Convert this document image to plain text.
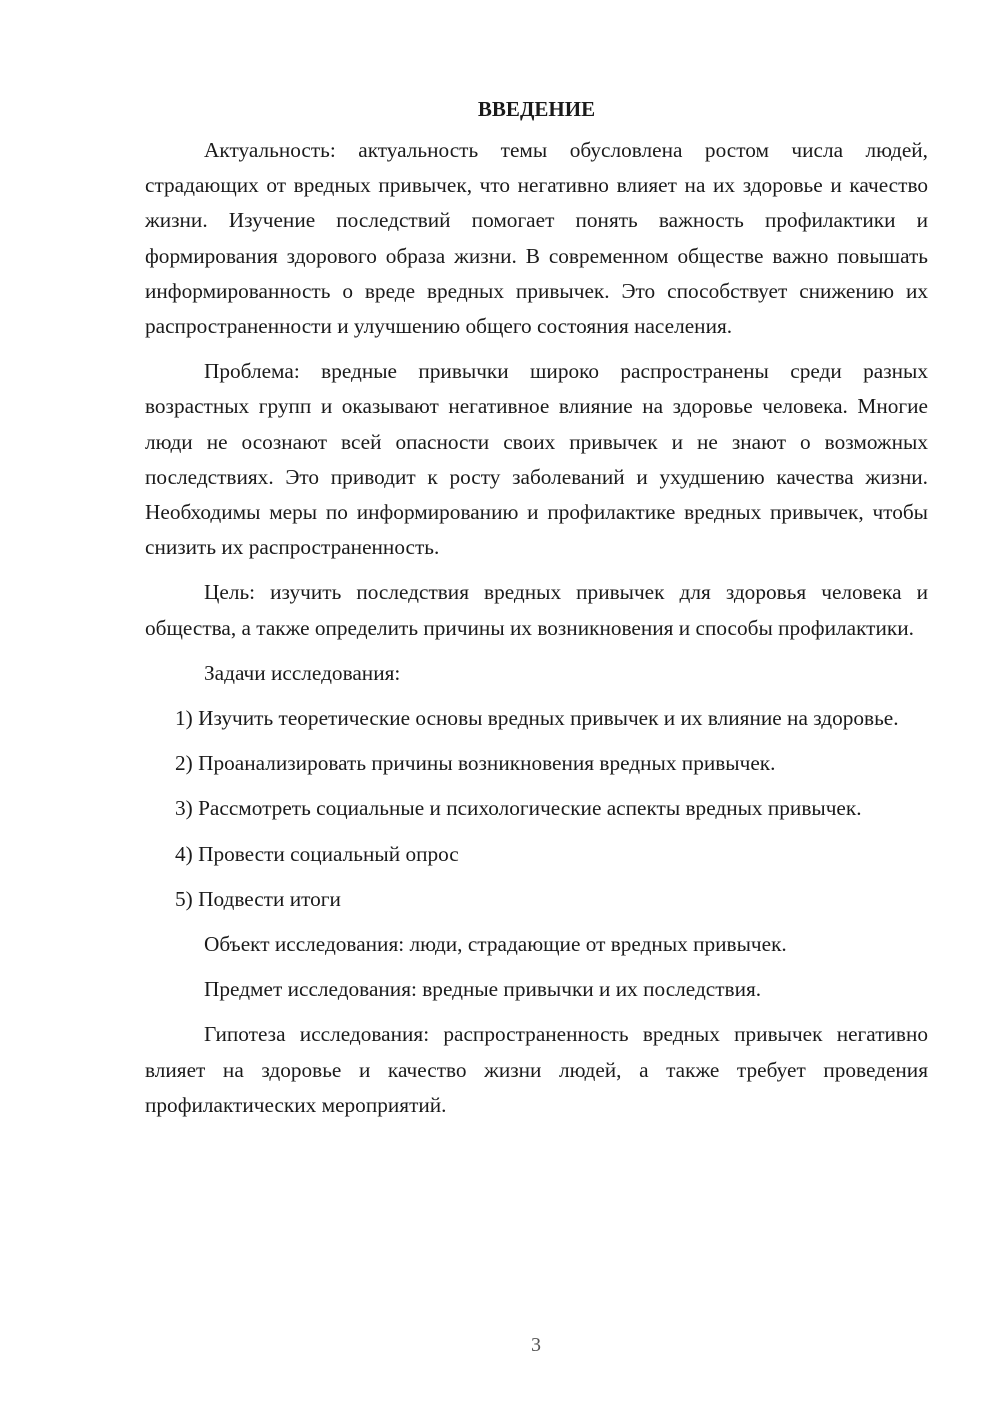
ВВЕДЕНИЕ

Актуальность: актуальность темы обусловлена ростом числа людей, страдающих от вредных привычек, что негативно влияет на их здоровье и качество жизни. Изучение последствий помогает понять важность профилактики и формирования здорового образа жизни. В современном обществе важно повышать информированность о вреде вредных привычек. Это способствует снижению их распространенности и улучшению общего состояния населения.

Проблема: вредные привычки широко распространены среди разных возрастных групп и оказывают негативное влияние на здоровье человека. Многие люди не осознают всей опасности своих привычек и не знают о возможных последствиях. Это приводит к росту заболеваний и ухудшению качества жизни. Необходимы меры по информированию и профилактике вредных привычек, чтобы снизить их распространенность.

Цель: изучить последствия вредных привычек для здоровья человека и общества, а также определить причины их возникновения и способы профилактики.

Задачи исследования:

1) Изучить теоретические основы вредных привычек и их влияние на здоровье.

2) Проанализировать причины возникновения вредных привычек.

3) Рассмотреть социальные и психологические аспекты вредных привычек.

4) Провести социальный опрос

5) Подвести итоги

Объект исследования: люди, страдающие от вредных привычек.

Предмет исследования: вредные привычки и их последствия.

Гипотеза исследования: распространенность вредных привычек негативно влияет на здоровье и качество жизни людей, а также требует проведения профилактических мероприятий.

3
